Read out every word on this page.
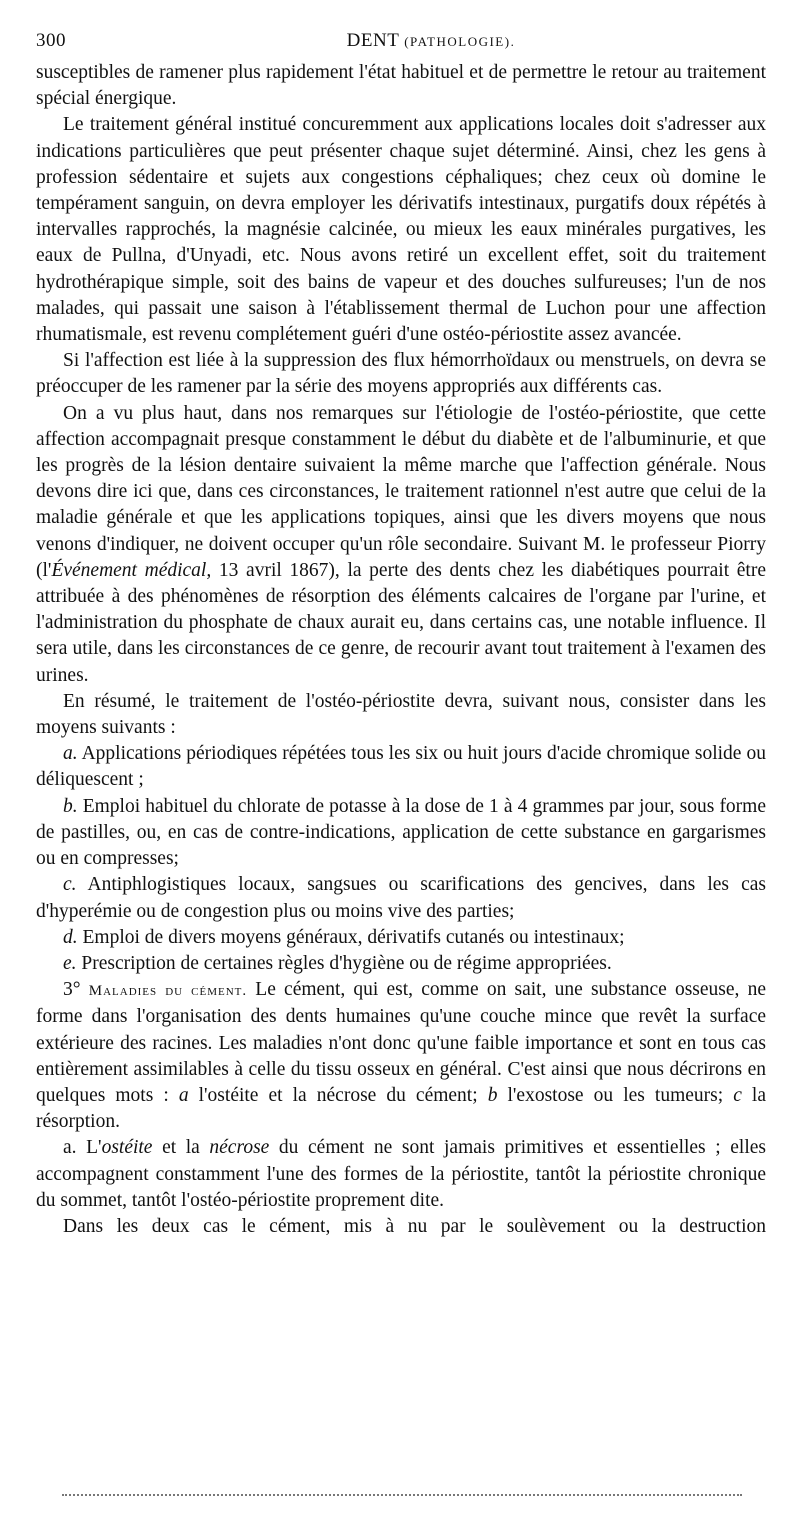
300	DENT (PATHOLOGIE).

susceptibles de ramener plus rapidement l'état habituel et de permettre le retour au traitement spécial énergique.

Le traitement général institué concuremment aux applications locales doit s'adresser aux indications particulières que peut présenter chaque sujet déterminé. Ainsi, chez les gens à profession sédentaire et sujets aux congestions céphaliques; chez ceux où domine le tempérament sanguin, on devra employer les dérivatifs intestinaux, purgatifs doux répétés à intervalles rapprochés, la magnésie calcinée, ou mieux les eaux minérales purgatives, les eaux de Pullna, d'Unyadi, etc. Nous avons retiré un excellent effet, soit du traitement hydrothérapique simple, soit des bains de vapeur et des douches sulfureuses; l'un de nos malades, qui passait une saison à l'établissement thermal de Luchon pour une affection rhumatismale, est revenu complétement guéri d'une ostéo-périostite assez avancée.

Si l'affection est liée à la suppression des flux hémorrhoïdaux ou menstruels, on devra se préoccuper de les ramener par la série des moyens appropriés aux différents cas.

On a vu plus haut, dans nos remarques sur l'étiologie de l'ostéo-périostite, que cette affection accompagnait presque constamment le début du diabète et de l'albuminurie, et que les progrès de la lésion dentaire suivaient la même marche que l'affection générale. Nous devons dire ici que, dans ces circonstances, le traitement rationnel n'est autre que celui de la maladie générale et que les applications topiques, ainsi que les divers moyens que nous venons d'indiquer, ne doivent occuper qu'un rôle secondaire. Suivant M. le professeur Piorry (l'Événement médical, 13 avril 1867), la perte des dents chez les diabétiques pourrait être attribuée à des phénomènes de résorption des éléments calcaires de l'organe par l'urine, et l'administration du phosphate de chaux aurait eu, dans certains cas, une notable influence. Il sera utile, dans les circonstances de ce genre, de recourir avant tout traitement à l'examen des urines.

En résumé, le traitement de l'ostéo-périostite devra, suivant nous, consister dans les moyens suivants :

a. Applications périodiques répétées tous les six ou huit jours d'acide chromique solide ou déliquescent ;

b. Emploi habituel du chlorate de potasse à la dose de 1 à 4 grammes par jour, sous forme de pastilles, ou, en cas de contre-indications, application de cette substance en gargarismes ou en compresses;

c. Antiphlogistiques locaux, sangsues ou scarifications des gencives, dans les cas d'hyperémie ou de congestion plus ou moins vive des parties;

d. Emploi de divers moyens généraux, dérivatifs cutanés ou intestinaux;

e. Prescription de certaines règles d'hygiène ou de régime appropriées.

3° Maladies du cément. Le cément, qui est, comme on sait, une substance osseuse, ne forme dans l'organisation des dents humaines qu'une couche mince que revêt la surface extérieure des racines. Les maladies n'ont donc qu'une faible importance et sont en tous cas entièrement assimilables à celle du tissu osseux en général. C'est ainsi que nous décrirons en quelques mots : a l'ostéite et la nécrose du cément; b l'exostose ou les tumeurs; c la résorption.

a. L'ostéite et la nécrose du cément ne sont jamais primitives et essentielles ; elles accompagnent constamment l'une des formes de la périostite, tantôt la périostite chronique du sommet, tantôt l'ostéo-périostite proprement dite.

Dans les deux cas le cément, mis à nu par le soulèvement ou la destruction
